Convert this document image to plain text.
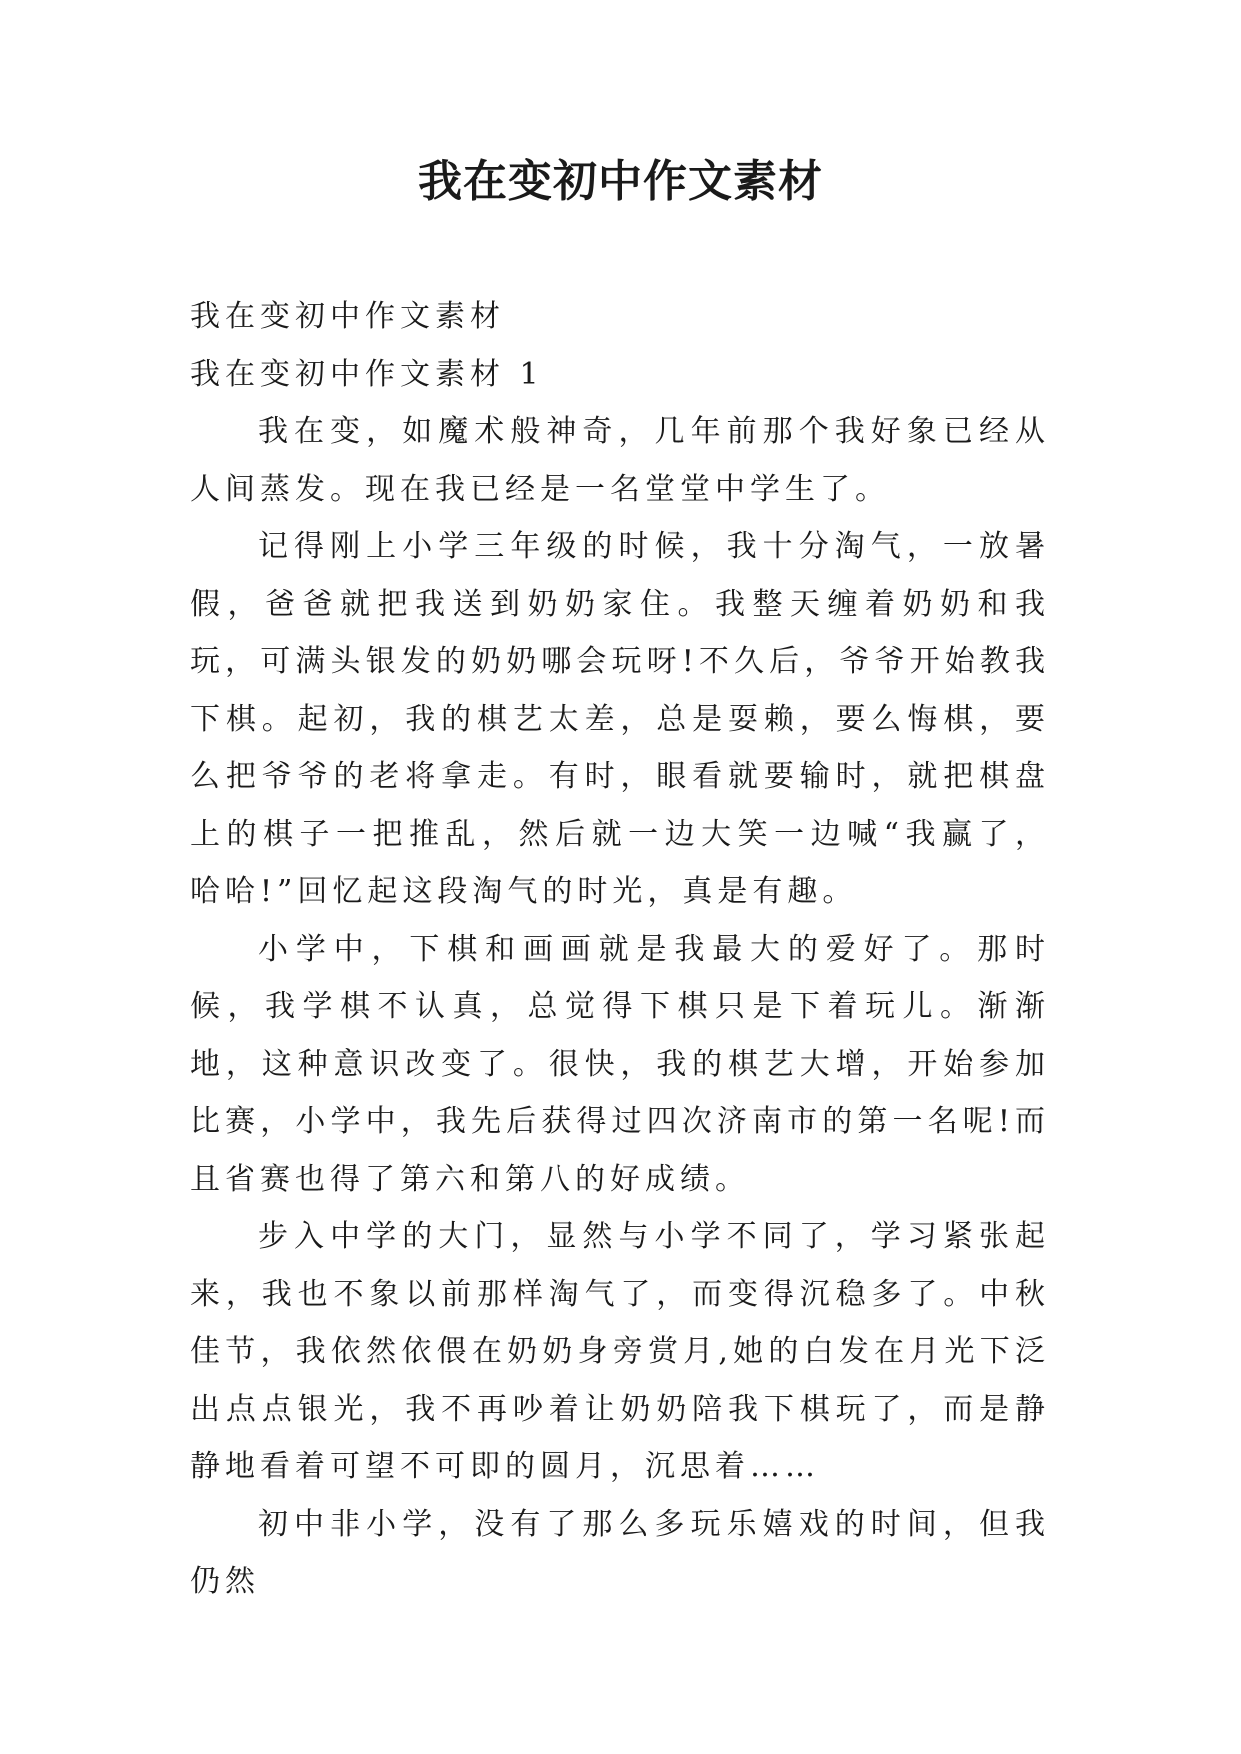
我在变初中作文素材

我在变初中作文素材

我在变初中作文素材 1

我在变，如魔术般神奇，几年前那个我好象已经从人间蒸发。现在我已经是一名堂堂中学生了。

记得刚上小学三年级的时候，我十分淘气，一放暑假，爸爸就把我送到奶奶家住。我整天缠着奶奶和我玩，可满头银发的奶奶哪会玩呀!不久后，爷爷开始教我下棋。起初，我的棋艺太差，总是耍赖，要么悔棋，要么把爷爷的老将拿走。有时，眼看就要输时，就把棋盘上的棋子一把推乱，然后就一边大笑一边喊“我赢了，哈哈!”回忆起这段淘气的时光，真是有趣。

小学中，下棋和画画就是我最大的爱好了。那时候，我学棋不认真，总觉得下棋只是下着玩儿。渐渐地，这种意识改变了。很快，我的棋艺大增，开始参加比赛，小学中，我先后获得过四次济南市的第一名呢!而且省赛也得了第六和第八的好成绩。

步入中学的大门，显然与小学不同了，学习紧张起来，我也不象以前那样淘气了，而变得沉稳多了。中秋佳节，我依然依偎在奶奶身旁赏月,她的白发在月光下泛出点点银光，我不再吵着让奶奶陪我下棋玩了，而是静静地看着可望不可即的圆月，沉思着……

初中非小学，没有了那么多玩乐嬉戏的时间，但我仍然
